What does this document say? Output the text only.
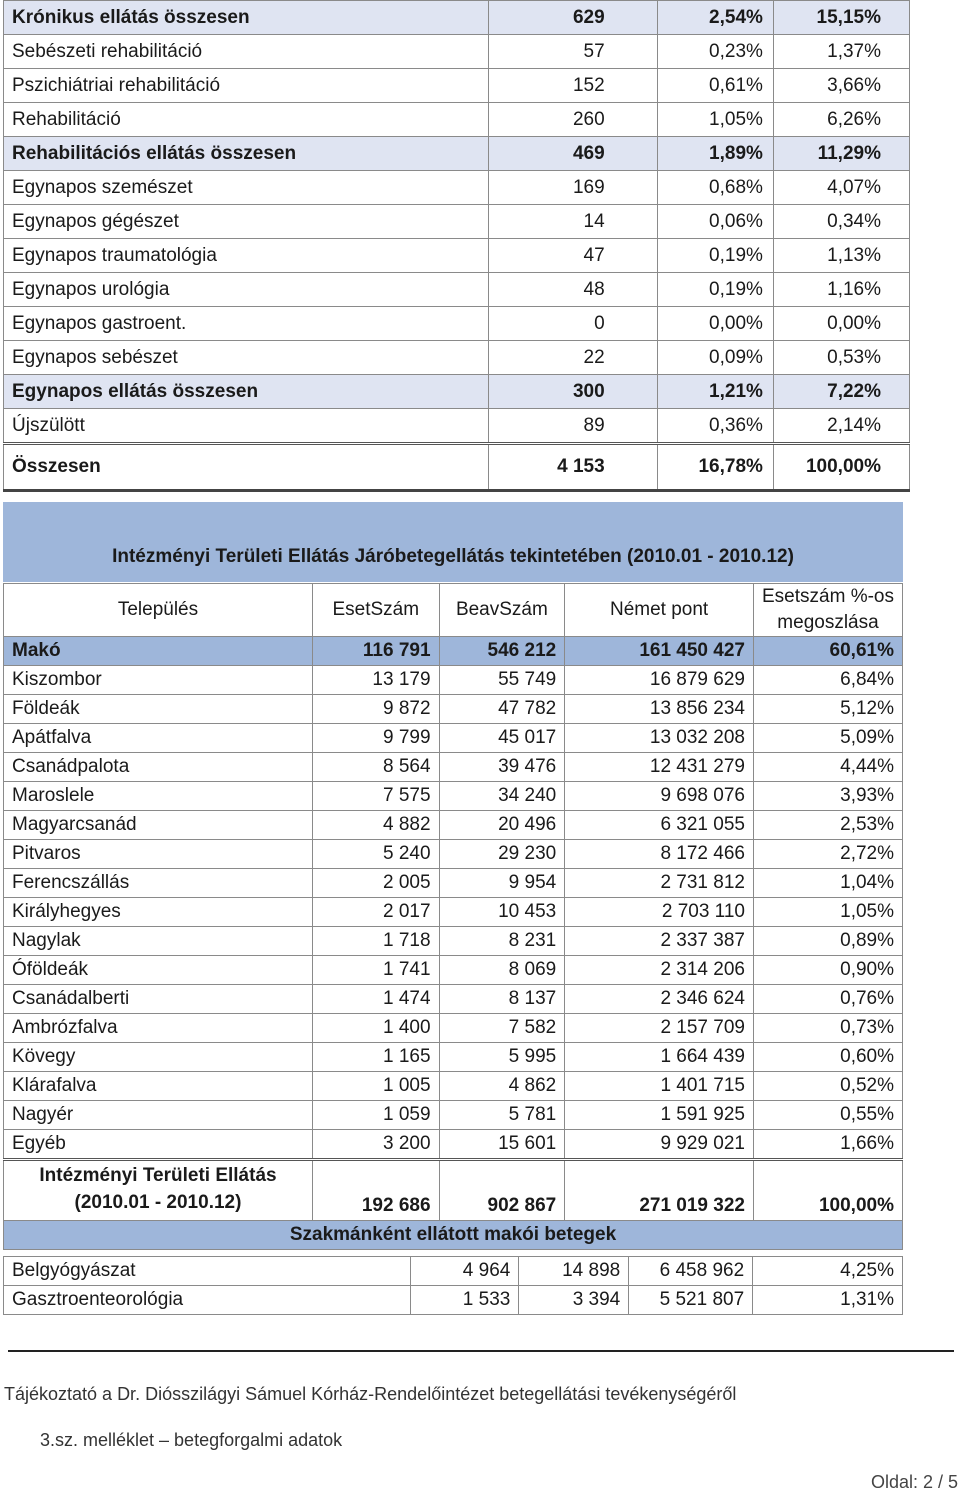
Krónikus ellátás összesen	629	2,54%	15,15%
Sebészeti rehabilitáció	57	0,23%	1,37%
Pszichiátriai rehabilitáció	152	0,61%	3,66%
Rehabilitáció	260	1,05%	6,26%
Rehabilitációs ellátás összesen	469	1,89%	11,29%
Egynapos szemészet	169	0,68%	4,07%
Egynapos gégészet	14	0,06%	0,34%
Egynapos traumatológia	47	0,19%	1,13%
Egynapos urológia	48	0,19%	1,16%
Egynapos gastroent.	0	0,00%	0,00%
Egynapos sebészet	22	0,09%	0,53%
Egynapos ellátás összesen	300	1,21%	7,22%
Újszülött	89	0,36%	2,14%
Összesen	4 153	16,78%	100,00%
Intézményi Területi Ellátás Járóbetegellátás tekintetében (2010.01 - 2010.12)
Település	EsetSzám	BeavSzám	Német pont	Esetszám %-os
megoszlása

Makó	116 791	546 212	161 450 427	60,61%
Kiszombor	13 179	55 749	16 879 629	6,84%
Földeák	9 872	47 782	13 856 234	5,12%
Apátfalva	9 799	45 017	13 032 208	5,09%
Csanádpalota	8 564	39 476	12 431 279	4,44%
Maroslele	7 575	34 240	9 698 076	3,93%
Magyarcsanád	4 882	20 496	6 321 055	2,53%
Pitvaros	5 240	29 230	8 172 466	2,72%
Ferencszállás	2 005	9 954	2 731 812	1,04%
Királyhegyes	2 017	10 453	2 703 110	1,05%
Nagylak	1 718	8 231	2 337 387	0,89%
Óföldeák	1 741	8 069	2 314 206	0,90%
Csanádalberti	1 474	8 137	2 346 624	0,76%
Ambrózfalva	1 400	7 582	2 157 709	0,73%
Kövegy	1 165	5 995	1 664 439	0,60%
Klárafalva	1 005	4 862	1 401 715	0,52%
Nagyér	1 059	5 781	1 591 925	0,55%
Egyéb	3 200	15 601	9 929 021	1,66%

Intézményi Területi Ellátás
(2010.01 - 2010.12)	192 686	902 867	271 019 322	100,00%
Szakmánként ellátott makói betegek				
Belgyógyászat	4 964	14 898	6 458 962	4,25%
Gasztroenteorológia	1 533	3 394	5 521 807	1,31%
Tájékoztató a Dr. Diósszilágyi Sámuel Kórház-Rendelőintézet betegellátási tevékenységéről
3.sz. melléklet – betegforgalmi adatok
Oldal: 2 / 5
